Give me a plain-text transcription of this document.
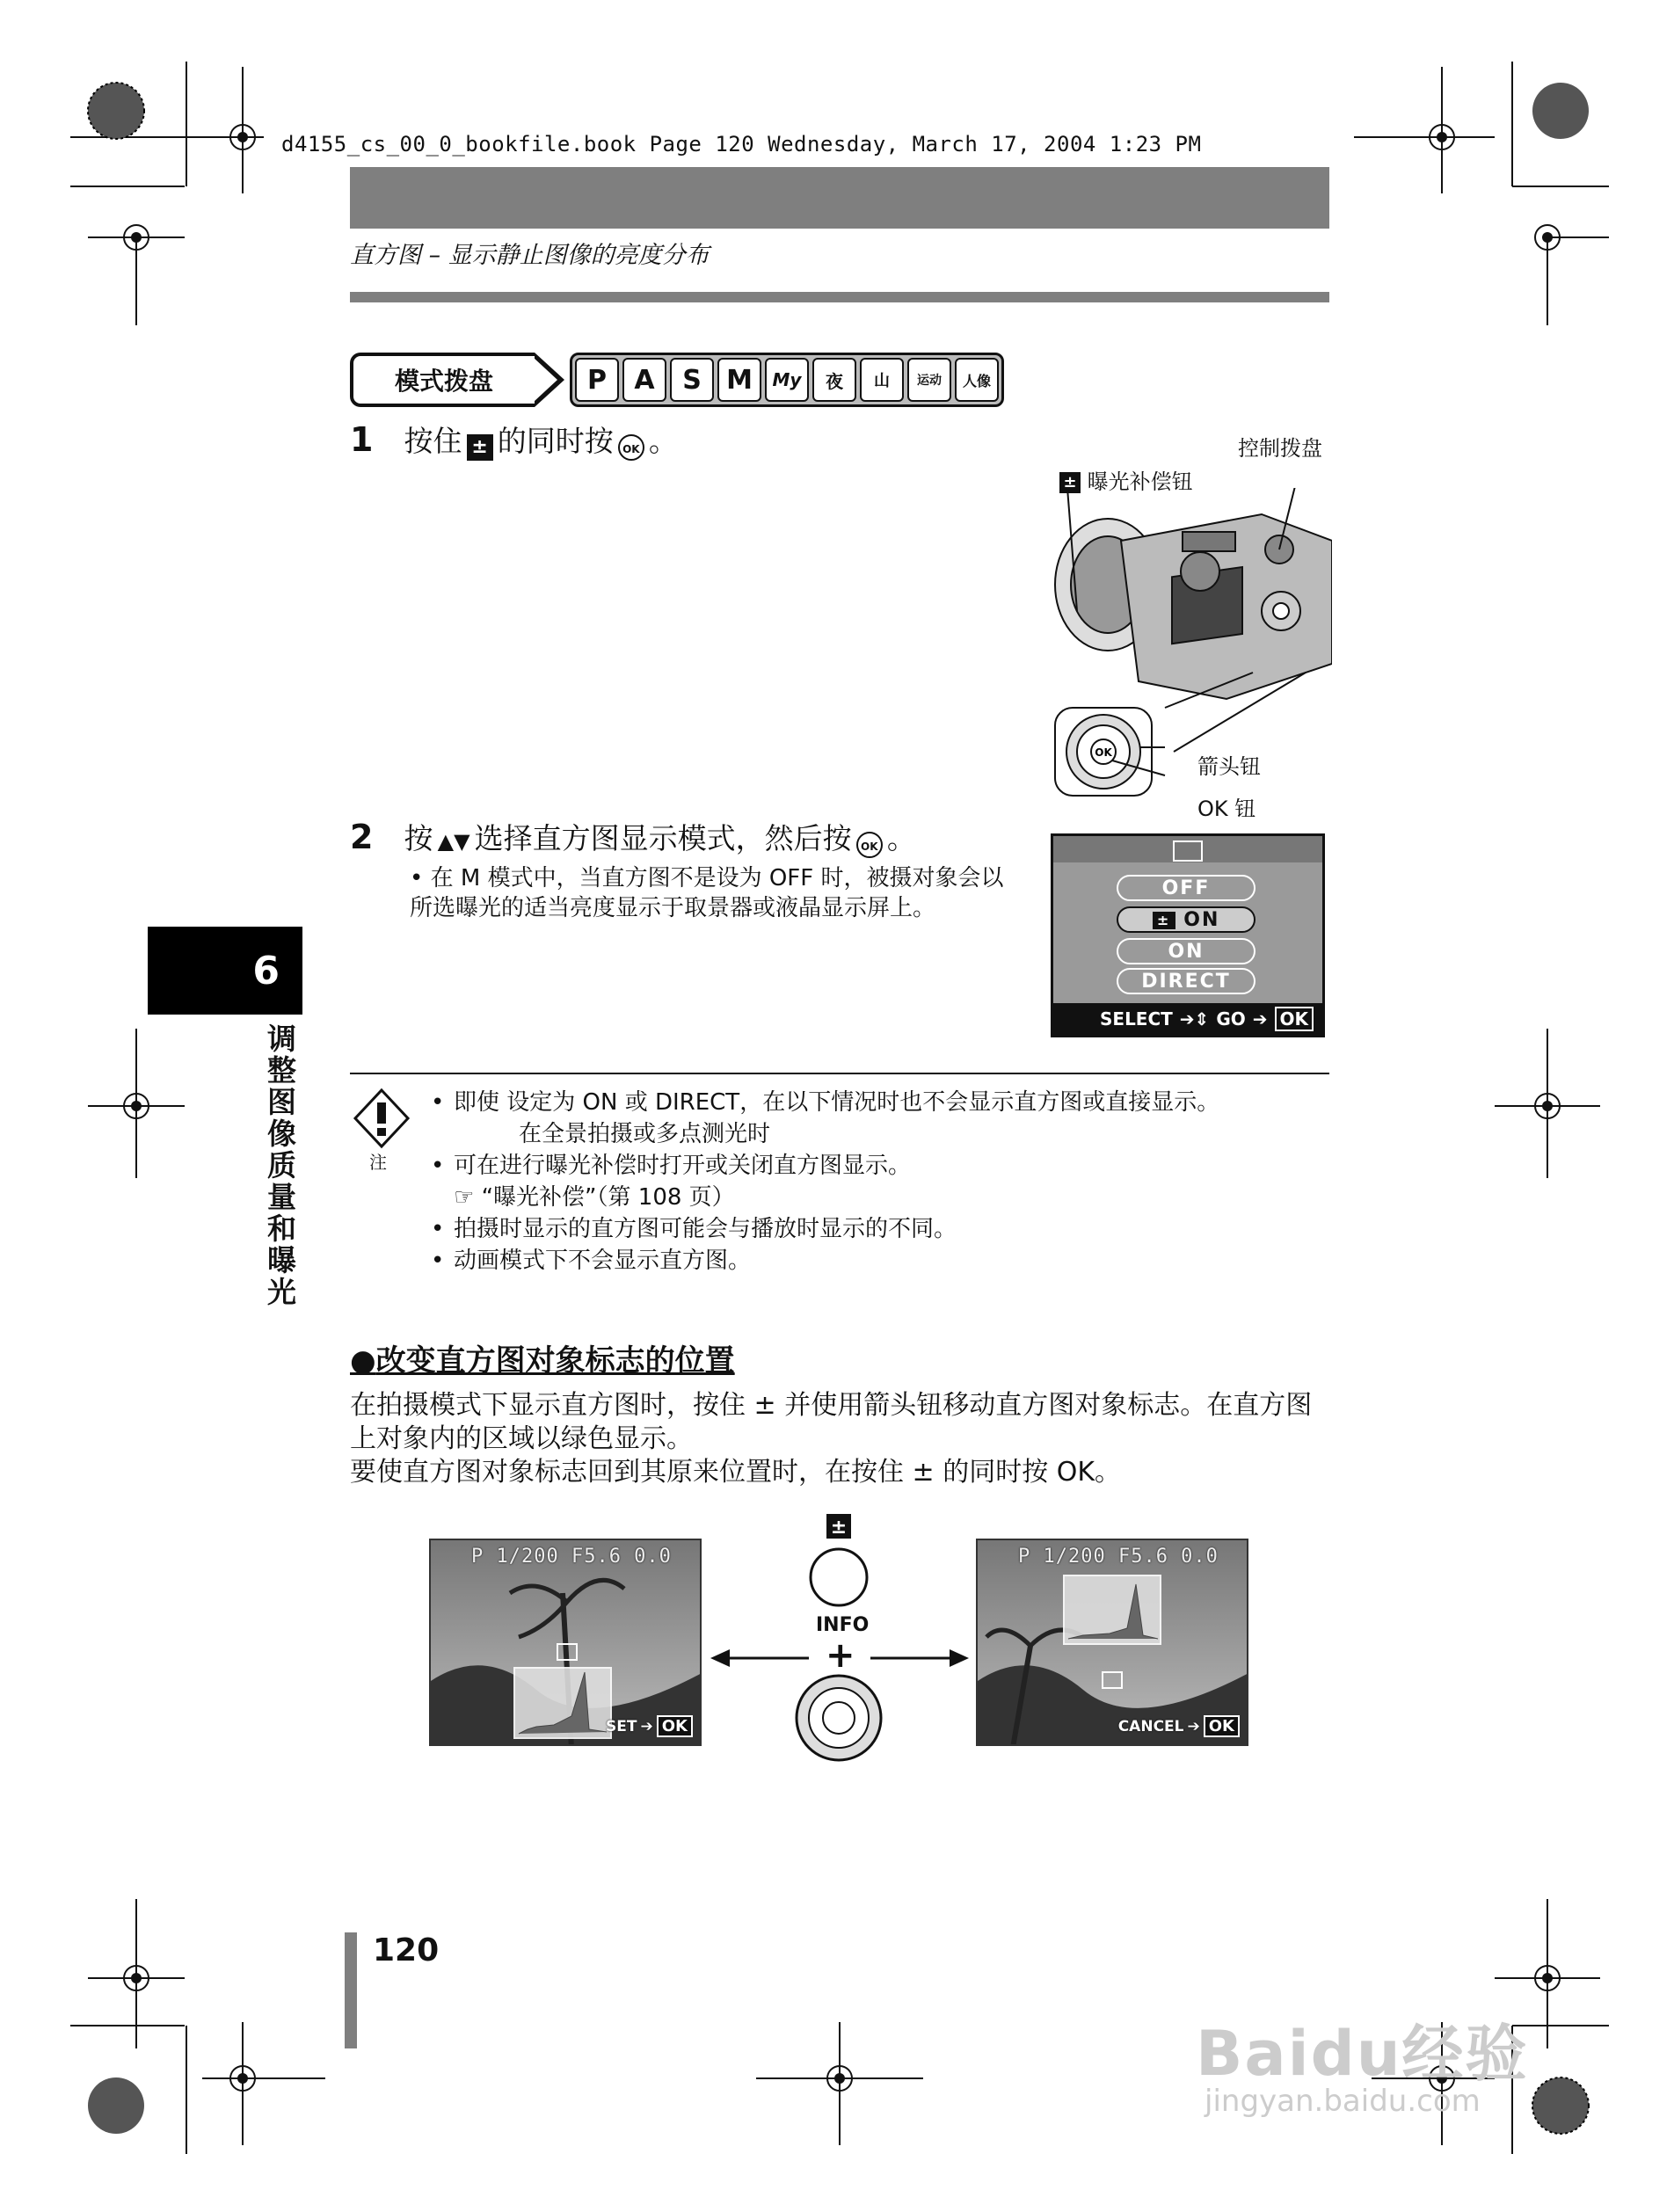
d4155_cs_00_0_bookfile.book Page 120 Wednesday, March 17, 2004 1:23 PM
直方图 – 显示静止图像的亮度分布
模式拨盘	P	A	S M	My	夜	山	运动	人像
1 按住 ± 的同时按 OK 。	控制拨盘
± 曝光补偿钮
OK
箭头钮
OK 钮
2 按 ▲▼ 选择直方图显示模式，然后按 OK 。
• 在 M 模式中，当直方图不是设为 OFF 时，被摄对象会以所选曝光的适当亮度显示于取景器或液晶显示屏上。
OFF
± ON
ON
DIRECT
SELECT ➔⇕ GO ➔ OK
6
调整图像质量和曝光	注
• 即使 设定为 ON 或 DIRECT，在以下情况时也不会显示直方图或直接显示。
在全景拍摄或多点测光时
• 可在进行曝光补偿时打开或关闭直方图显示。
☞ “曝光补偿”（第 108 页）
• 拍摄时显示的直方图可能会与播放时显示的不同。
• 动画模式下不会显示直方图。
●改变直方图对象标志的位置
在拍摄模式下显示直方图时，按住 ± 并使用箭头钮移动直方图对象标志。在直方图上对象内的区域以绿色显示。
要使直方图对象标志回到其原来位置时，在按住 ± 的同时按 OK。
P 1/200 F5.6 0.0
SET ➔ OK
P 1/200 F5.6 0.0
CANCEL ➔ OK
±
INFO
+
120
Baidu经验
jingyan.baidu.com
